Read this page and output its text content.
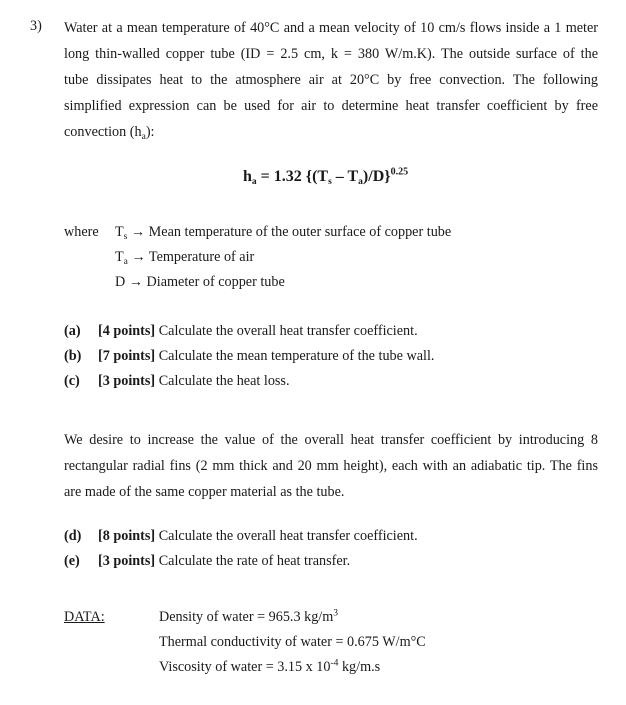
3) Water at a mean temperature of 40°C and a mean velocity of 10 cm/s flows inside a 1 meter
long thin-walled copper tube (ID = 2.5 cm, k = 380 W/m.K). The outside surface of the
tube dissipates heat to the atmosphere air at 20°C by free convection. The following
simplified expression can be used for air to determine heat transfer coefficient by free
convection $(h_a)$:
$h_a = 1.32$ $\{(T_s - T_a)/D\}^{0.25}$
where $T_s$ → Mean temperature of the outer surface of copper tube
$T_a$ → Temperature of air
D → Diameter of copper tube
(a) [4 points] Calculate the overall heat transfer coefficient.
(b) [7 points] Calculate the mean temperature of the tube wall.
(c) [3 points] Calculate the heat loss.
We desire to increase the value of the overall heat transfer coefficient by introducing 8
rectangular radial fins (2 mm thick and 20 mm height), each with an adiabatic tip. The fins
are made of the same copper material as the tube.
(d) [8 points] Calculate the overall heat transfer coefficient.
(e) [3 points] Calculate the rate of heat transfer.
DATA:	Density of water = 965.3 $kg/m^3$
Thermal conductivity of water = 0.675 W/m°C
Viscosity of water = 3.15 x $10^{-4}$ kg/m.s
